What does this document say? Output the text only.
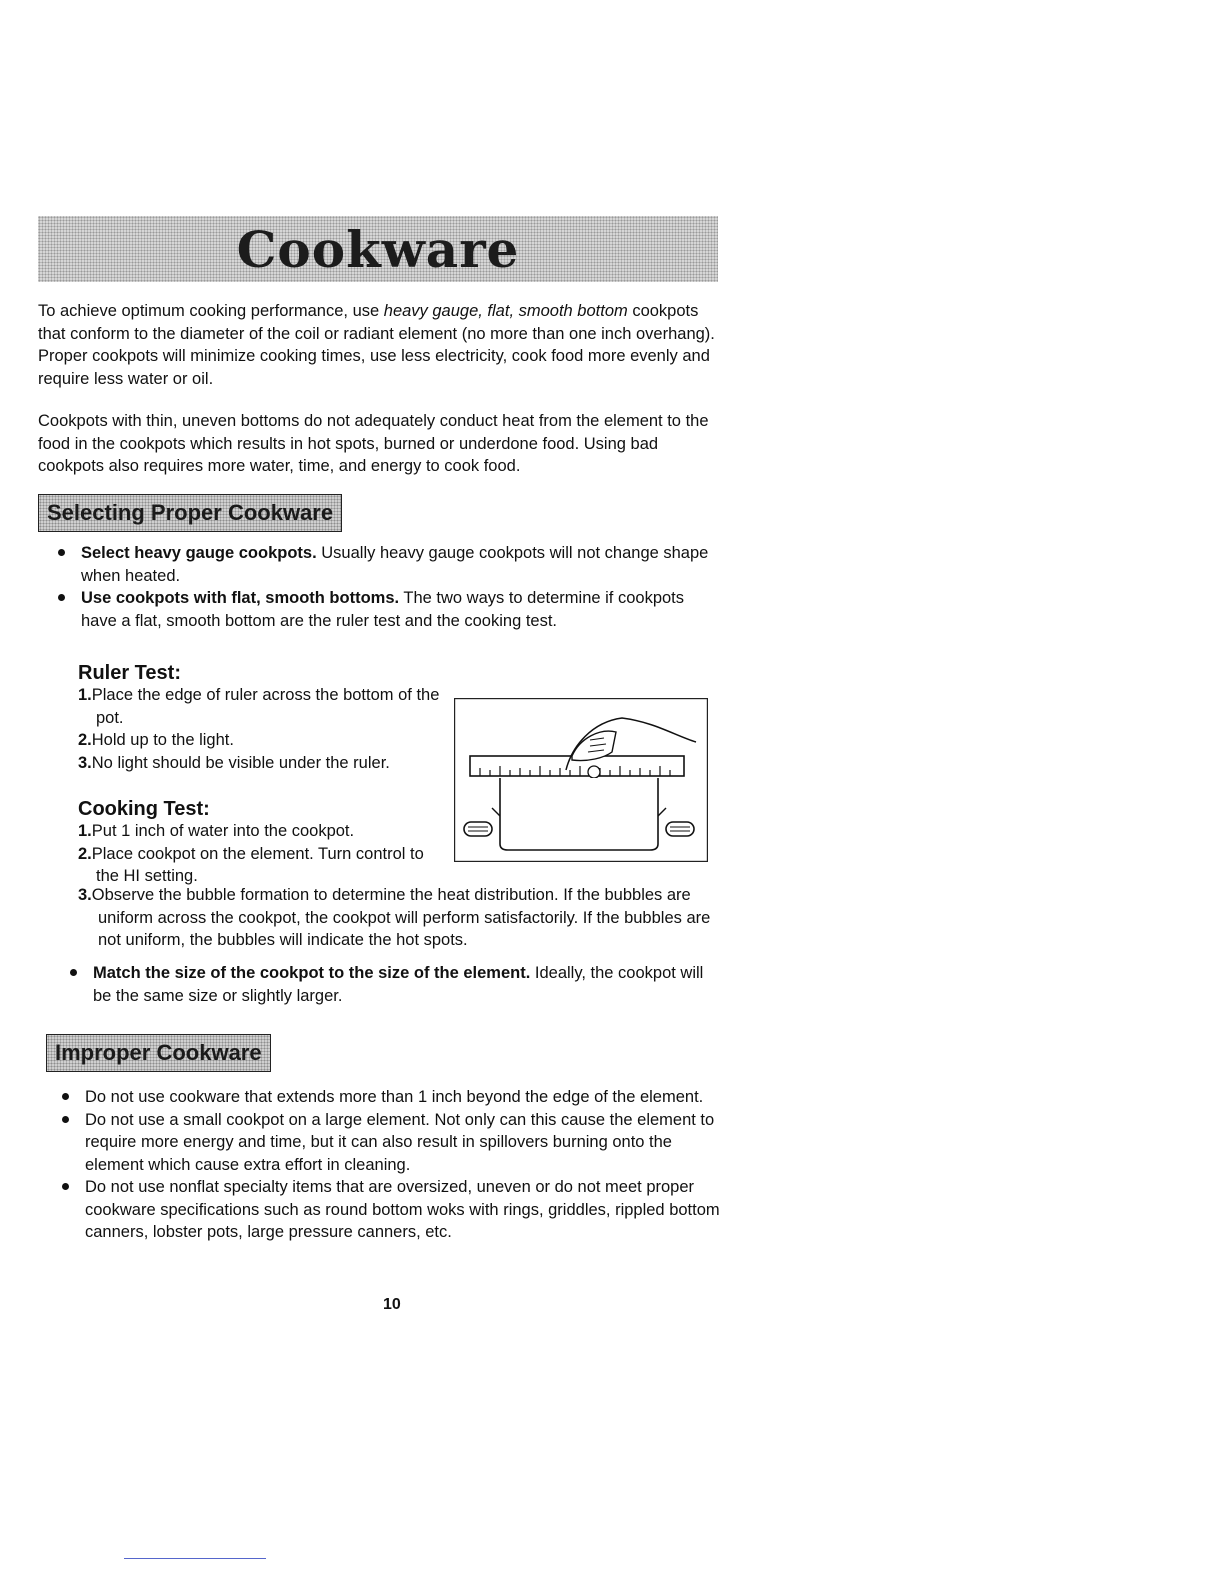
Cookware
To achieve optimum cooking performance, use heavy gauge, flat, smooth bottom cookpots that conform to the diameter of the coil or radiant element (no more than one inch overhang). Proper cookpots will minimize cooking times, use less electricity, cook food more evenly and require less water or oil.
Cookpots with thin, uneven bottoms do not adequately conduct heat from the element to the food in the cookpots which results in hot spots, burned or underdone food. Using bad cookpots also requires more water, time, and energy to cook food.
Selecting Proper Cookware
Select heavy gauge cookpots. Usually heavy gauge cookpots will not change shape when heated.
Use cookpots with flat, smooth bottoms. The two ways to determine if cookpots have a flat, smooth bottom are the ruler test and the cooking test.
Ruler Test:
1.Place the edge of ruler across the bottom of the pot.
2.Hold up to the light.
3.No light should be visible under the ruler.
Cooking Test:
1.Put 1 inch of water into the cookpot.
2.Place cookpot on the element. Turn control to the HI setting.
3.Observe the bubble formation to determine the heat distribution. If the bubbles are uniform across the cookpot, the cookpot will perform satisfactorily. If the bubbles are not uniform, the bubbles will indicate the hot spots.
Match the size of the cookpot to the size of the element. Ideally, the cookpot will be the same size or slightly larger.
Improper Cookware
Do not use cookware that extends more than 1 inch beyond the edge of the element.
Do not use a small cookpot on a large element. Not only can this cause the element to require more energy and time, but it can also result in spillovers burning onto the element which cause extra effort in cleaning.
Do not use nonflat specialty items that are oversized, uneven or do not meet proper cookware specifications such as round bottom woks with rings, griddles, rippled bottom canners, lobster pots, large pressure canners, etc.
10
